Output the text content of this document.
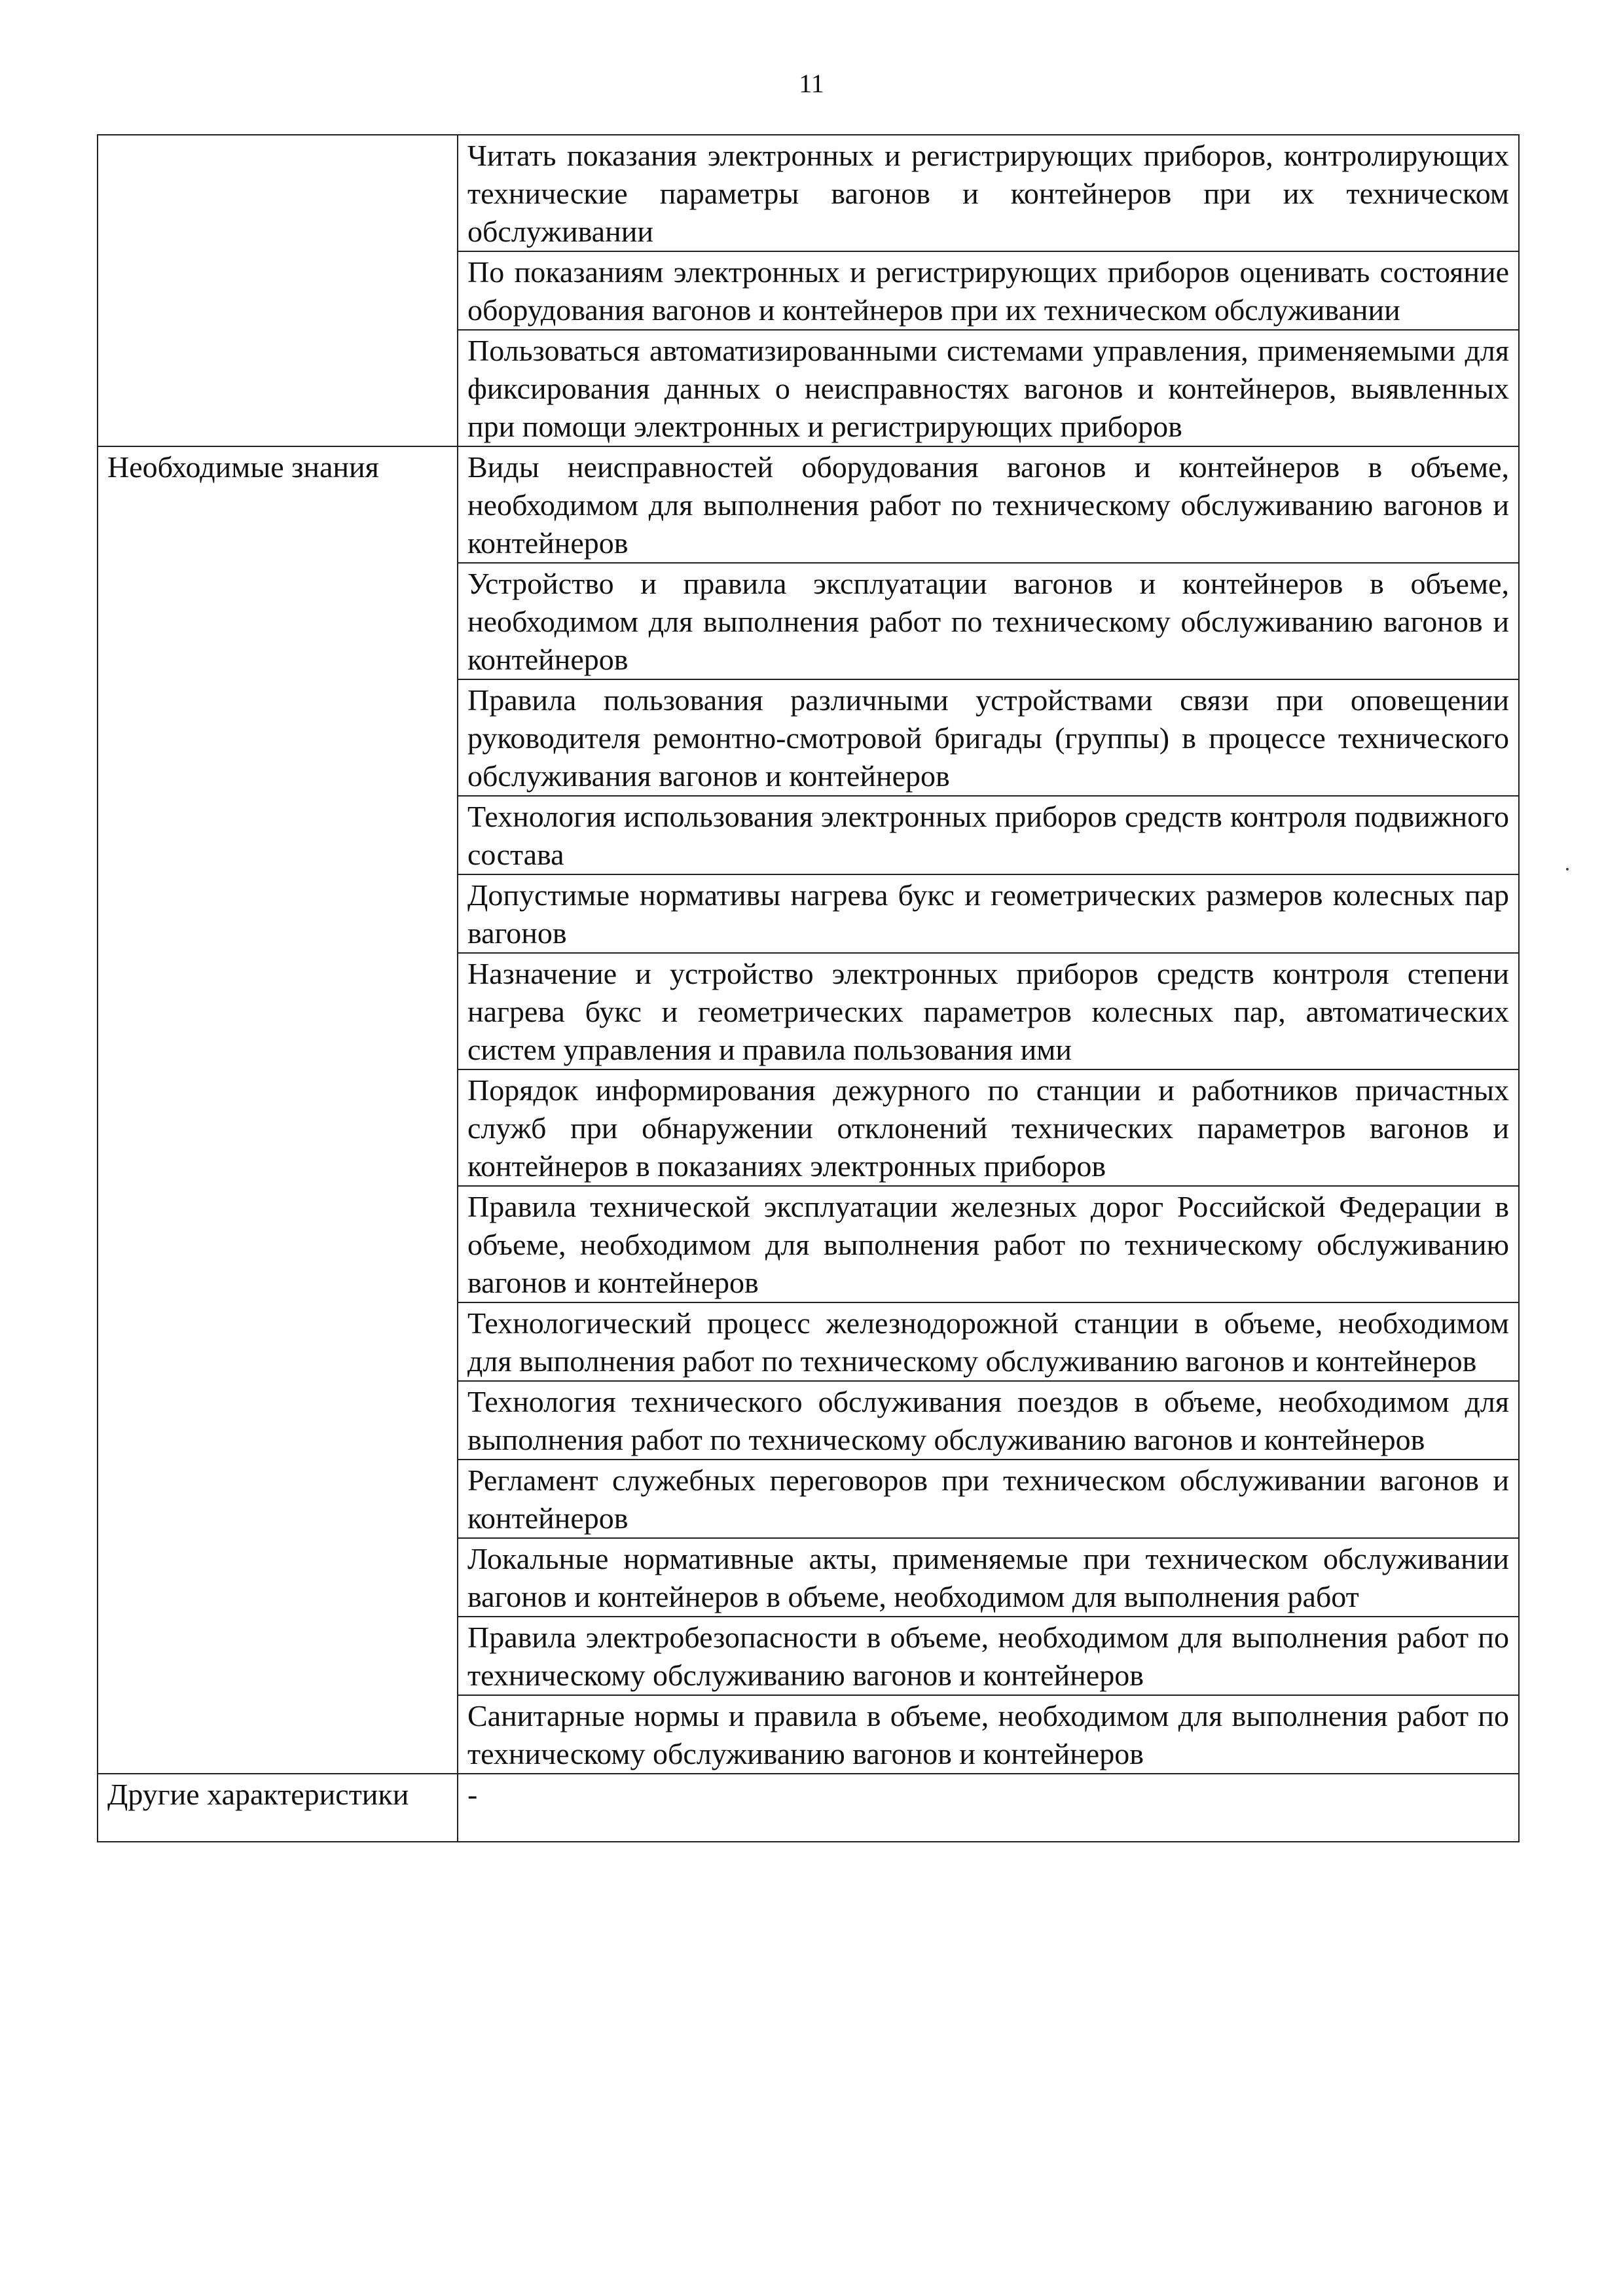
11
	Читать показания электронных и регистрирующих приборов, контролирующих технические параметры вагонов и контейнеров при их техническом обслуживании
	По показаниям электронных и регистрирующих приборов оценивать состояние оборудования вагонов и контейнеров при их техническом обслуживании
	Пользоваться автоматизированными системами управления, применяемыми для фиксирования данных о неисправностях вагонов и контейнеров, выявленных при помощи электронных и регистрирующих приборов
Необходимые знания	Виды неисправностей оборудования вагонов и контейнеров в объеме, необходимом для выполнения работ по техническому обслуживанию вагонов и контейнеров
	Устройство и правила эксплуатации вагонов и контейнеров в объеме, необходимом для выполнения работ по техническому обслуживанию вагонов и контейнеров
	Правила пользования различными устройствами связи при оповещении руководителя ремонтно-смотровой бригады (группы) в процессе технического обслуживания вагонов и контейнеров
	Технология использования электронных приборов средств контроля подвижного состава
	Допустимые нормативы нагрева букс и геометрических размеров колесных пар вагонов
	Назначение и устройство электронных приборов средств контроля степени нагрева букс и геометрических параметров колесных пар, автоматических систем управления и правила пользования ими
	Порядок информирования дежурного по станции и работников причастных служб при обнаружении отклонений технических параметров вагонов и контейнеров в показаниях электронных приборов
	Правила технической эксплуатации железных дорог Российской Федерации в объеме, необходимом для выполнения работ по техническому обслуживанию вагонов и контейнеров
	Технологический процесс железнодорожной станции в объеме, необходимом для выполнения работ по техническому обслуживанию вагонов и контейнеров
	Технология технического обслуживания поездов в объеме, необходимом для выполнения работ по техническому обслуживанию вагонов и контейнеров
	Регламент служебных переговоров при техническом обслуживании вагонов и контейнеров
	Локальные нормативные акты, применяемые при техническом обслуживании вагонов и контейнеров в объеме, необходимом для выполнения работ
	Правила электробезопасности в объеме, необходимом для выполнения работ по техническому обслуживанию вагонов и контейнеров
	Санитарные нормы и правила в объеме, необходимом для выполнения работ по техническому обслуживанию вагонов и контейнеров
Другие характеристики	-
